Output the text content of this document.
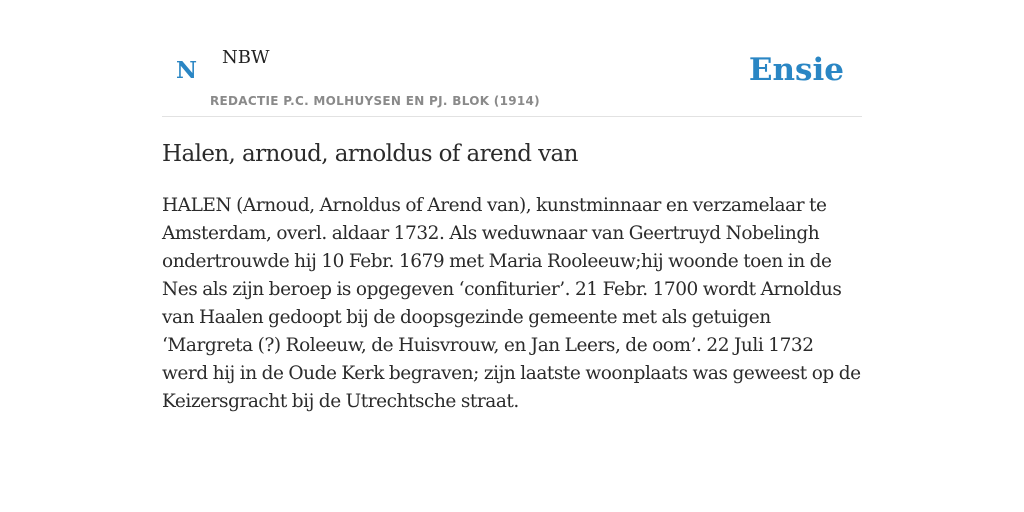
N NBW
REDACTIE P.C. MOLHUYSEN EN PJ. BLOK (1914)
Ensie
Halen, arnoud, arnoldus of arend van

HALEN (Arnoud, Arnoldus of Arend van), kunstminnaar en verzamelaar te Amsterdam, overl. aldaar 1732. Als weduwnaar van Geertruyd Nobelingh ondertrouwde hij 10 Febr. 1679 met Maria Rooleeuw;hij woonde toen in de Nes als zijn beroep is opgegeven ‘confiturier’. 21 Febr. 1700 wordt Arnoldus van Haalen gedoopt bij de doopsgezinde gemeente met als getuigen ‘Margreta (?) Roleeuw, de Huisvrouw, en Jan Leers, de oom’. 22 Juli 1732 werd hij in de Oude Kerk begraven; zijn laatste woonplaats was geweest op de Keizersgracht bij de Utrechtsche straat.
